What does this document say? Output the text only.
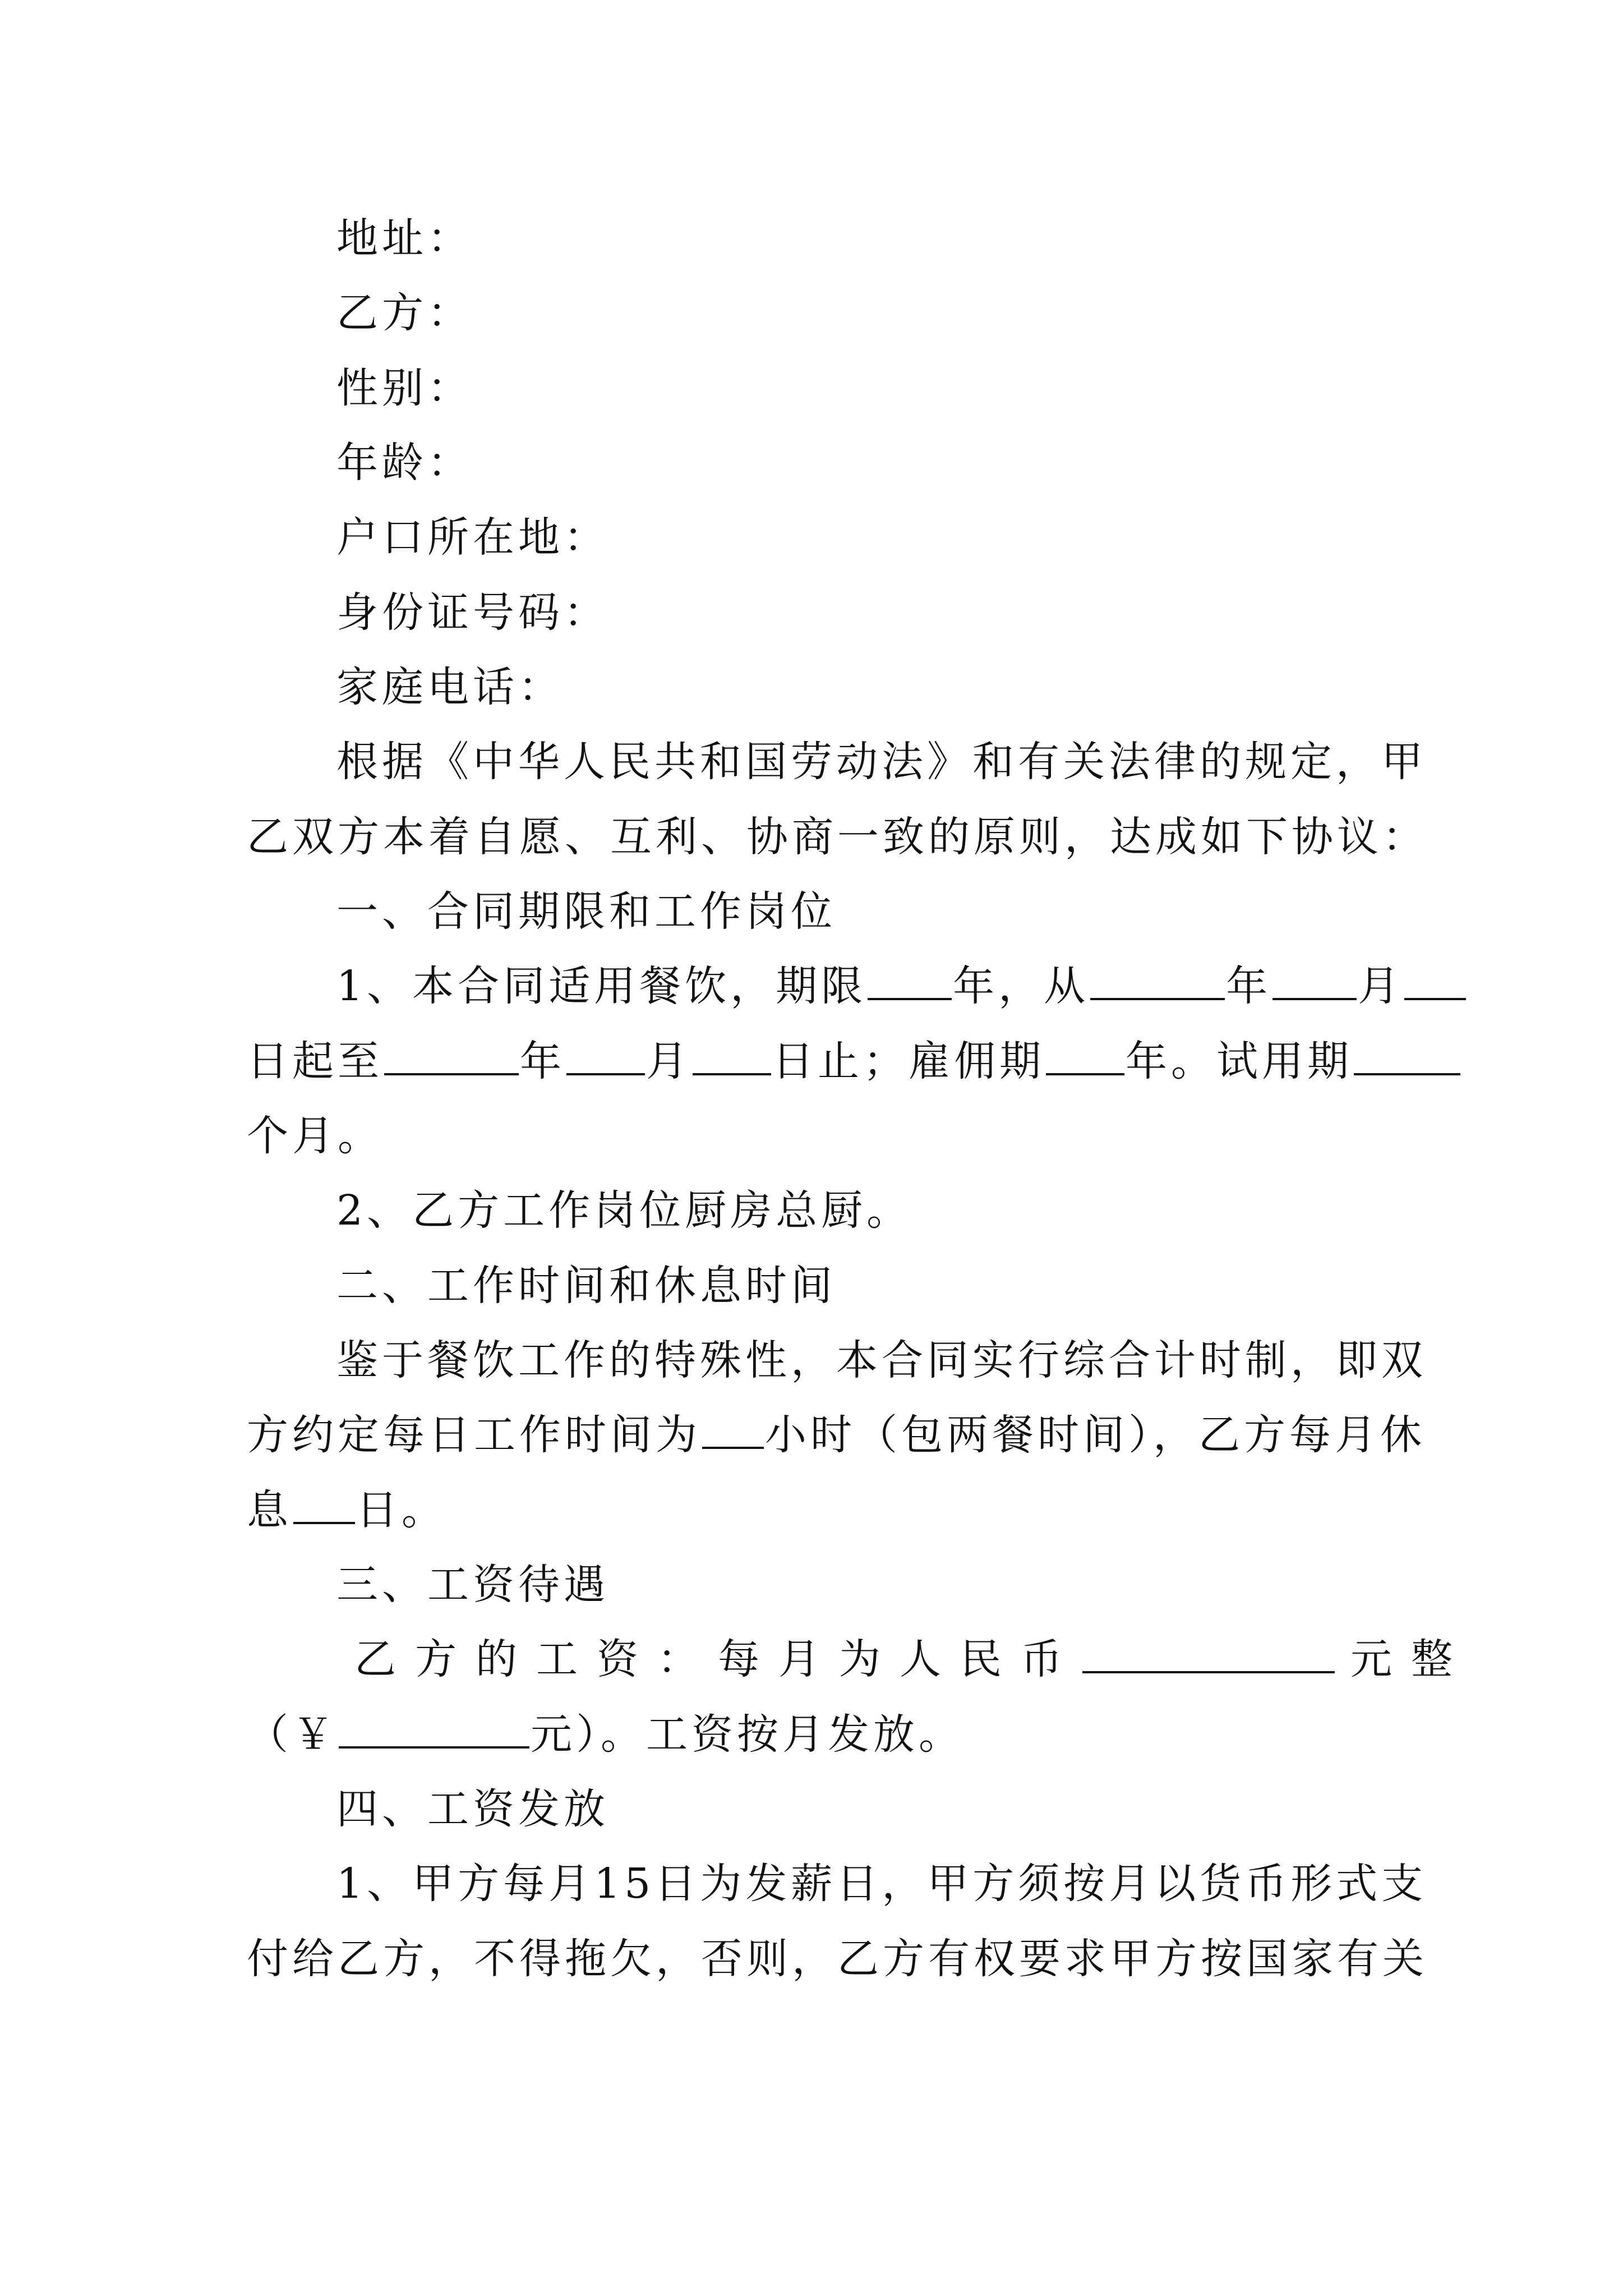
地址：
乙方：
性别：
年龄：
户口所在地：
身份证号码：
家庭电话：
根据《中华人民共和国劳动法》和有关法律的规定，甲
乙双方本着自愿、互利、协商一致的原则，达成如下协议：
一、合同期限和工作岗位
1、本合同适用餐饮，期限 年，从	年 月
日起至	年 月 日止；雇佣期 年。试用期
个月。
2、乙方工作岗位厨房总厨。
二、工作时间和休息时间
鉴于餐饮工作的特殊性，本合同实行综合计时制，即双
方约定每日工作时间为 小时（包两餐时间），乙方每月休
息 日。
三、工资待遇
乙方的工资：每月为人民币	元整
（￥	元）。工资按月发放。
四、工资发放
1、甲方每月15日为发薪日，甲方须按月以货币形式支
付给乙方，不得拖欠，否则，乙方有权要求甲方按国家有关
